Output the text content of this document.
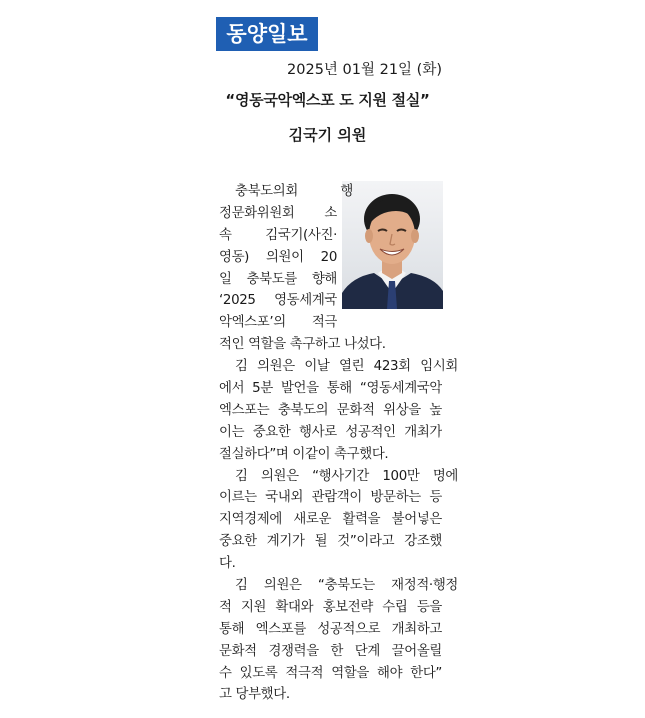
동양일보
2025년 01월 21일 (화)
“영동국악엑스포 도 지원 절실”
김국기 의원
충북도의회 행
정문화위원회 소
속 김국기(사진·
영동) 의원이 20
일 충북도를 향해
‘2025 영동세계국
악엑스포’의 적극
적인 역할을 촉구하고 나섰다.
김 의원은 이날 열린 423회 임시회
에서 5분 발언을 통해 “영동세계국악
엑스포는 충북도의 문화적 위상을 높
이는 중요한 행사로 성공적인 개최가
절실하다”며 이같이 촉구했다.
김 의원은 “행사기간 100만 명에
이르는 국내외 관람객이 방문하는 등
지역경제에 새로운 활력을 불어넣은
중요한 계기가 될 것”이라고 강조했
다.
김 의원은 “충북도는 재정적·행정
적 지원 확대와 홍보전략 수립 등을
통해 엑스포를 성공적으로 개최하고
문화적 경쟁력을 한 단계 끌어올릴
수 있도록 적극적 역할을 해야 한다”
고 당부했다.
